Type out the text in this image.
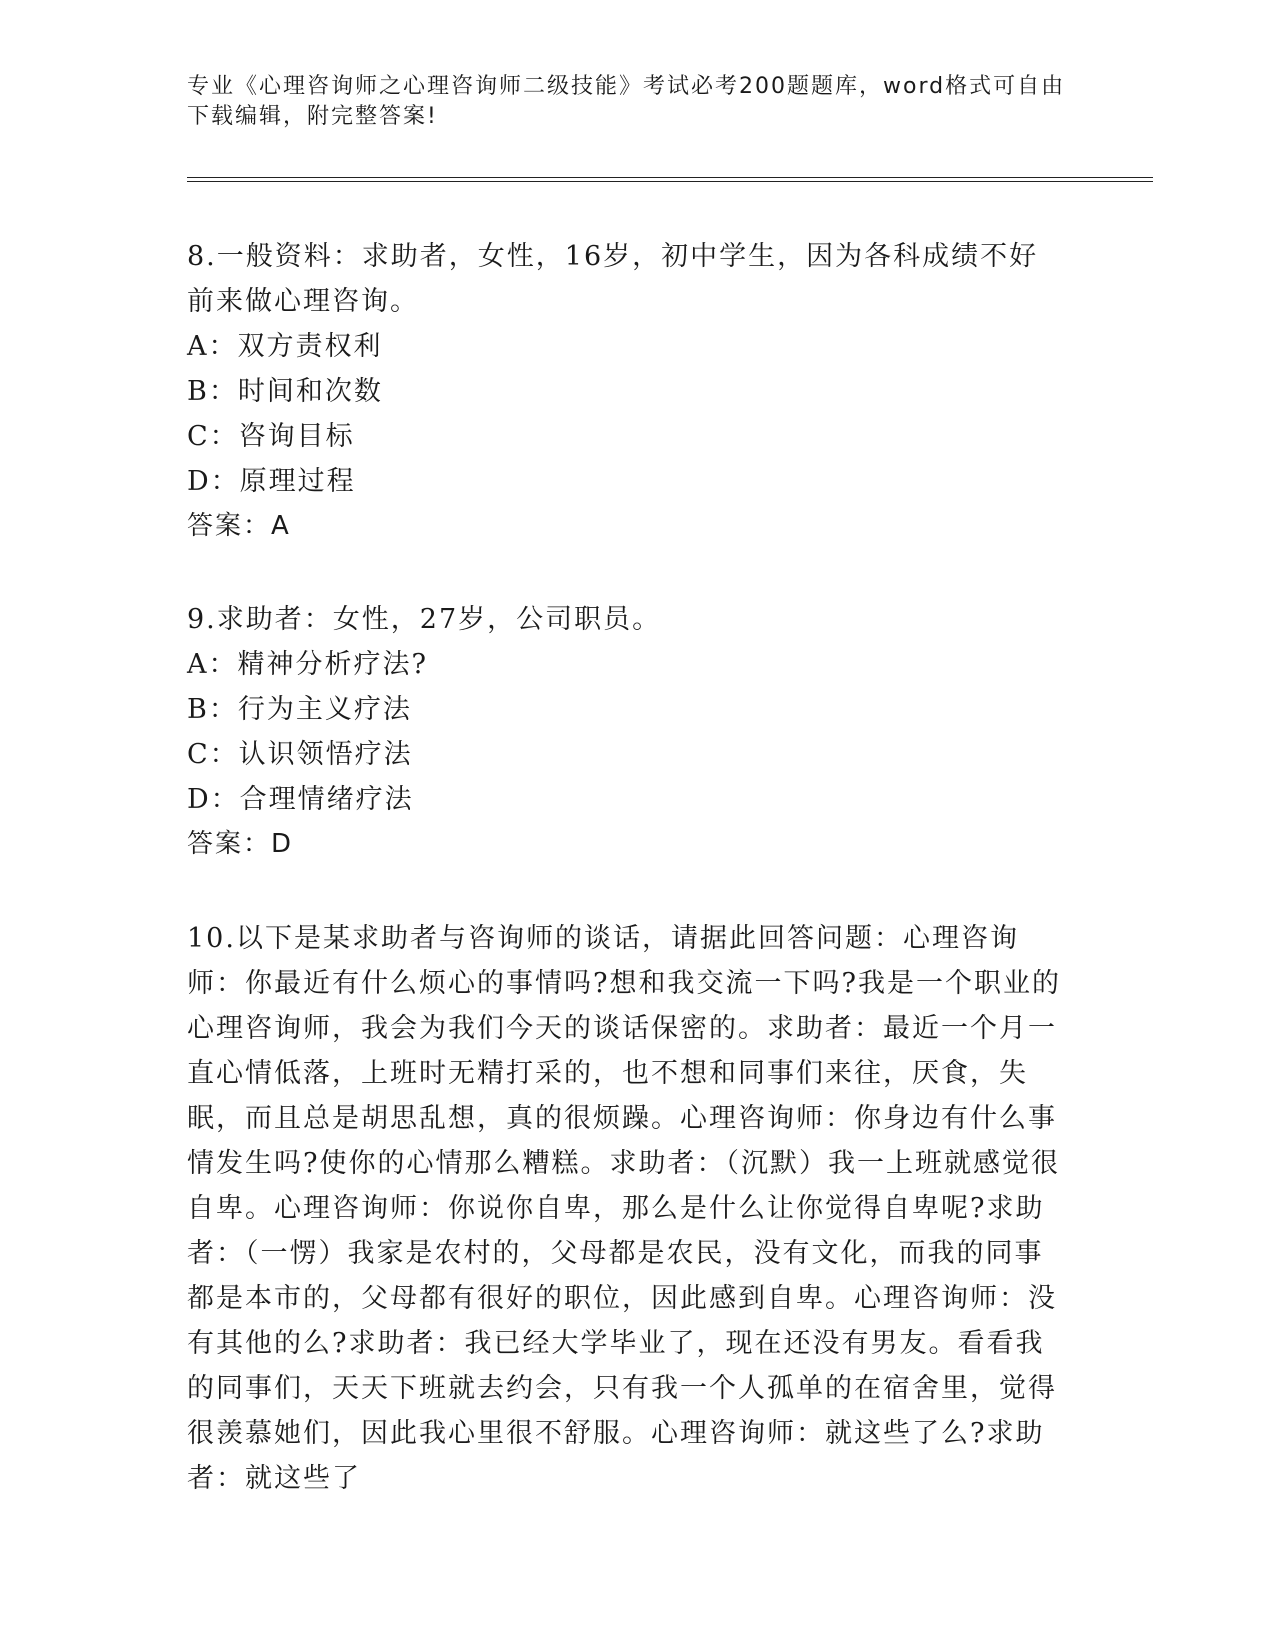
专业《心理咨询师之心理咨询师二级技能》考试必考200题题库，word格式可自由下载编辑，附完整答案!
8.一般资料：求助者，女性，16岁，初中学生，因为各科成绩不好前来做心理咨询。
A：双方责权利
B：时间和次数
C：咨询目标
D：原理过程
答案：A
9.求助者：女性，27岁，公司职员。
A：精神分析疗法?
B：行为主义疗法
C：认识领悟疗法
D：合理情绪疗法
答案：D
10.以下是某求助者与咨询师的谈话，请据此回答问题：心理咨询师：你最近有什么烦心的事情吗?想和我交流一下吗?我是一个职业的心理咨询师，我会为我们今天的谈话保密的。求助者：最近一个月一直心情低落，上班时无精打采的，也不想和同事们来往，厌食，失眠，而且总是胡思乱想，真的很烦躁。心理咨询师：你身边有什么事情发生吗?使你的心情那么糟糕。求助者：（沉默）我一上班就感觉很自卑。心理咨询师：你说你自卑，那么是什么让你觉得自卑呢?求助者：（一愣）我家是农村的，父母都是农民，没有文化，而我的同事都是本市的，父母都有很好的职位，因此感到自卑。心理咨询师：没有其他的么?求助者：我已经大学毕业了，现在还没有男友。看看我的同事们，天天下班就去约会，只有我一个人孤单的在宿舍里，觉得很羡慕她们，因此我心里很不舒服。心理咨询师：就这些了么?求助者：就这些了
